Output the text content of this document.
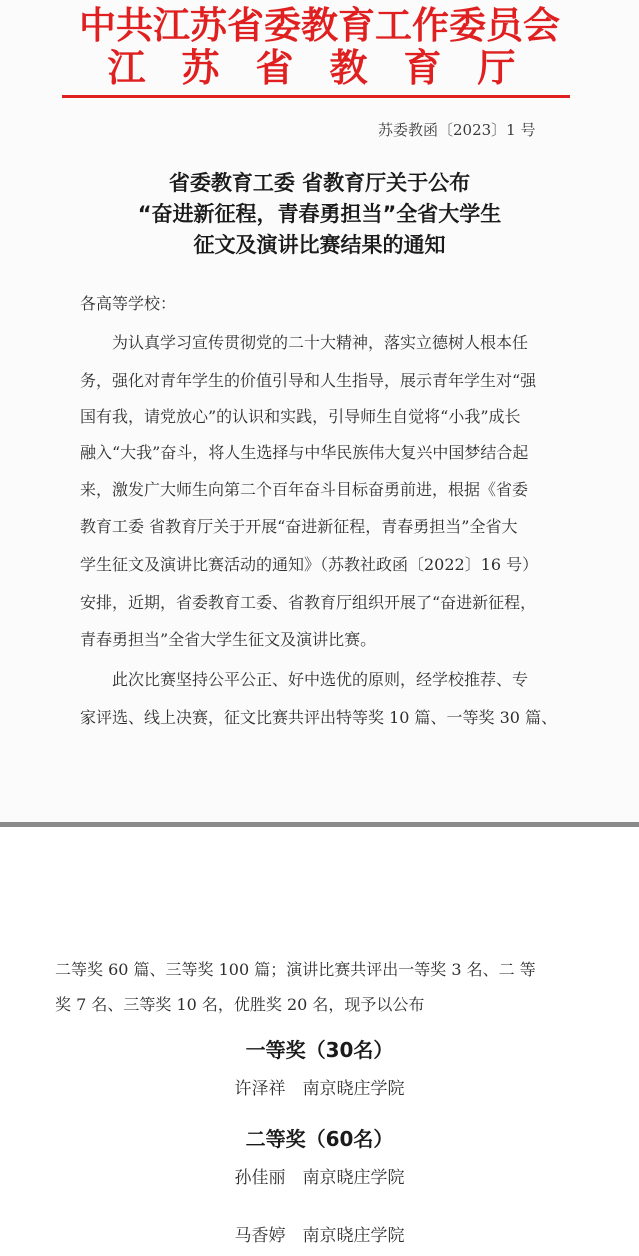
中共江苏省委教育工作委员会
江苏省教育厅
苏委教函〔2023〕1 号
省委教育工委 省教育厅关于公布
“奋进新征程，青春勇担当”全省大学生
征文及演讲比赛结果的通知
各高等学校：
　　为认真学习宣传贯彻党的二十大精神，落实立德树人根本任
务，强化对青年学生的价值引导和人生指导，展示青年学生对“强
国有我，请党放心”的认识和实践，引导师生自觉将“小我”成长
融入“大我”奋斗，将人生选择与中华民族伟大复兴中国梦结合起
来，激发广大师生向第二个百年奋斗目标奋勇前进，根据《省委
教育工委 省教育厅关于开展“奋进新征程，青春勇担当”全省大
学生征文及演讲比赛活动的通知》（苏教社政函〔2022〕16 号）
安排，近期，省委教育工委、省教育厅组织开展了“奋进新征程，
青春勇担当”全省大学生征文及演讲比赛。
　　此次比赛坚持公平公正、好中选优的原则，经学校推荐、专
家评选、线上决赛，征文比赛共评出特等奖 10 篇、一等奖 30 篇、
二等奖 60 篇、三等奖 100 篇；演讲比赛共评出一等奖 3 名、二 等
奖 7 名、三等奖 10 名，优胜奖 20 名，现予以公布
一等奖（30名）
许泽祥　南京晓庄学院
二等奖（60名）
孙佳丽　南京晓庄学院
马香婷　南京晓庄学院
